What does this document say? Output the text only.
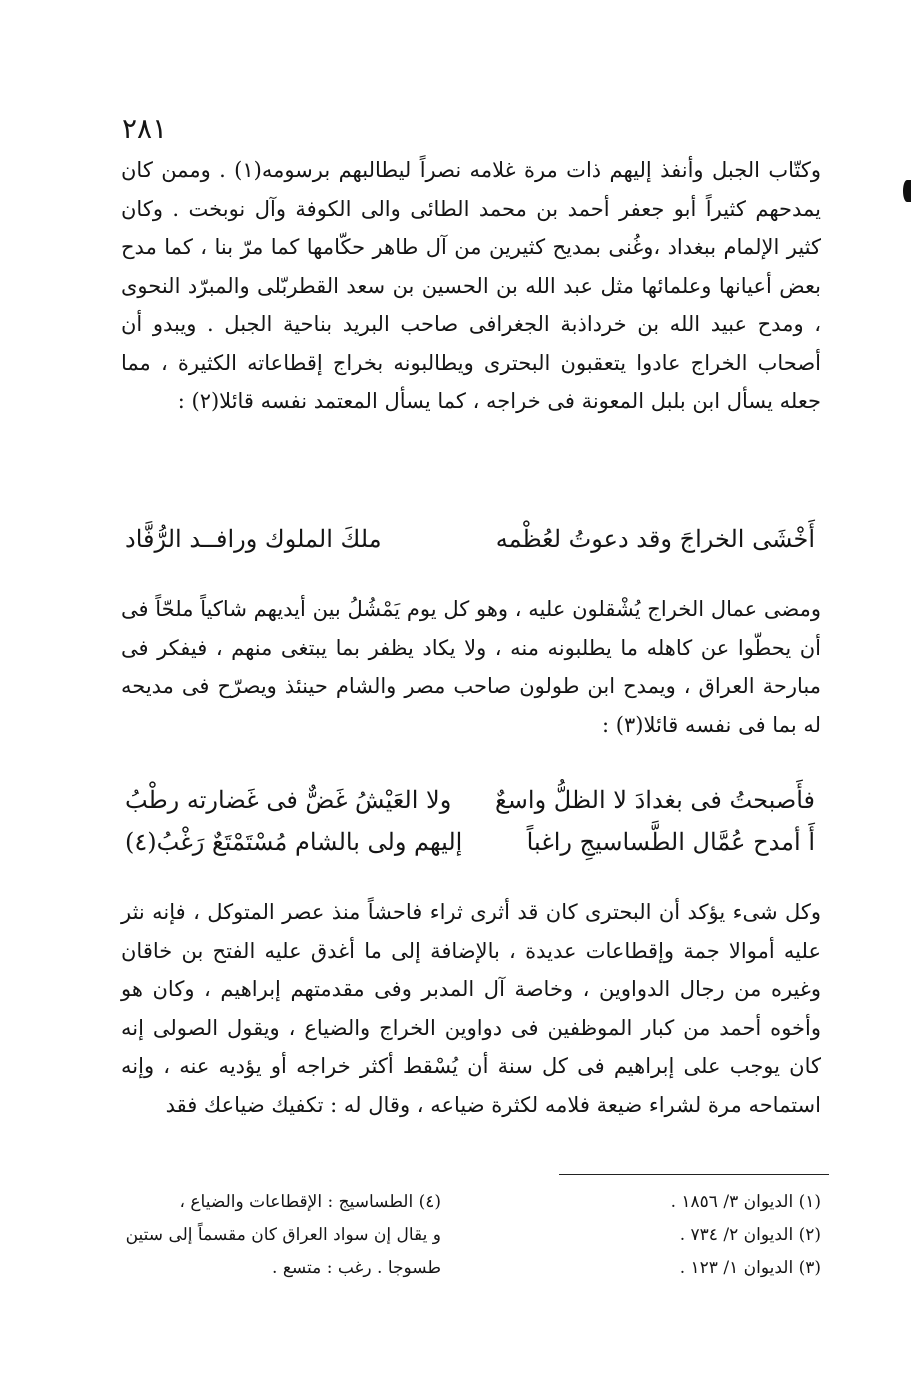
٢٨١

وكتّاب الجبل وأنفذ إليهم ذات مرة غلامه نصراً ليطالبهم برسومه(١) . وممن كان يمدحهم كثيراً أبو جعفر أحمد بن محمد الطائى والى الكوفة وآل نوبخت . وكان كثير الإلمام ببغداد ،وغُنى بمديح كثيرين من آل طاهر حكّامها كما مرّ بنا ، كما مدح بعض أعيانها وعلمائها مثل عبد الله بن الحسين بن سعد القطربّلى والمبرّد النحوى ، ومدح عبيد الله بن خرداذبة الجغرافى صاحب البريد بناحية الجبل . ويبدو أن أصحاب الخراج عادوا يتعقبون البحترى ويطالبونه بخراج إقطاعاته الكثيرة ، مما جعله يسأل ابن بلبل المعونة فى خراجه ، كما يسأل المعتمد نفسه قائلا(٢) :

أَخْشَى الخراجَ وقد دعوتُ لعُظْمه
ملكَ الملوك ورافــد الرُّفَّاد

ومضى عمال الخراج يُشْقلون عليه ، وهو كل يوم يَمْشُلُ بين أيديهم شاكياً ملحّاً فى أن يحطّوا عن كاهله ما يطلبونه منه ، ولا يكاد يظفر بما يبتغى منهم ، فيفكر فى مبارحة العراق ، ويمدح ابن طولون صاحب مصر والشام حينئذ ويصرّح فى مديحه له بما فى نفسه قائلا(٣) :

فأَصبحتُ فى بغدادَ لا الظلُّ واسعٌ
ولا العَيْشُ غَضٌّ فى غَضارته رطْبُ
أَ أمدح عُمَّال الطَّساسيجِ راغباً
إليهم ولى بالشام مُسْتَمْتَعٌ رَغْبُ(٤)

وكل شىء يؤكد أن البحترى كان قد أثرى ثراء فاحشاً منذ عصر المتوكل ، فإنه نثر عليه أموالا جمة وإقطاعات عديدة ، بالإضافة إلى ما أغدق عليه الفتح بن خاقان وغيره من رجال الدواوين ، وخاصة آل المدبر وفى مقدمتهم إبراهيم ، وكان هو وأخوه أحمد من كبار الموظفين فى دواوين الخراج والضياع ، ويقول الصولى إنه كان يوجب على إبراهيم فى كل سنة أن يُسْقط أكثر خراجه أو يؤديه عنه ، وإنه استماحه مرة لشراء ضيعة فلامه لكثرة ضياعه ، وقال له : تكفيك ضياعك فقد

(١) الديوان ٣/ ١٨٥٦ .
(٢) الديوان ٢/ ٧٣٤ .
(٣) الديوان ١/ ١٢٣ .
(٤) الطساسيج : الإقطاعات والضياع ،
و يقال إن سواد العراق كان مقسماً إلى ستين
طسوجا . رغب : متسع .
